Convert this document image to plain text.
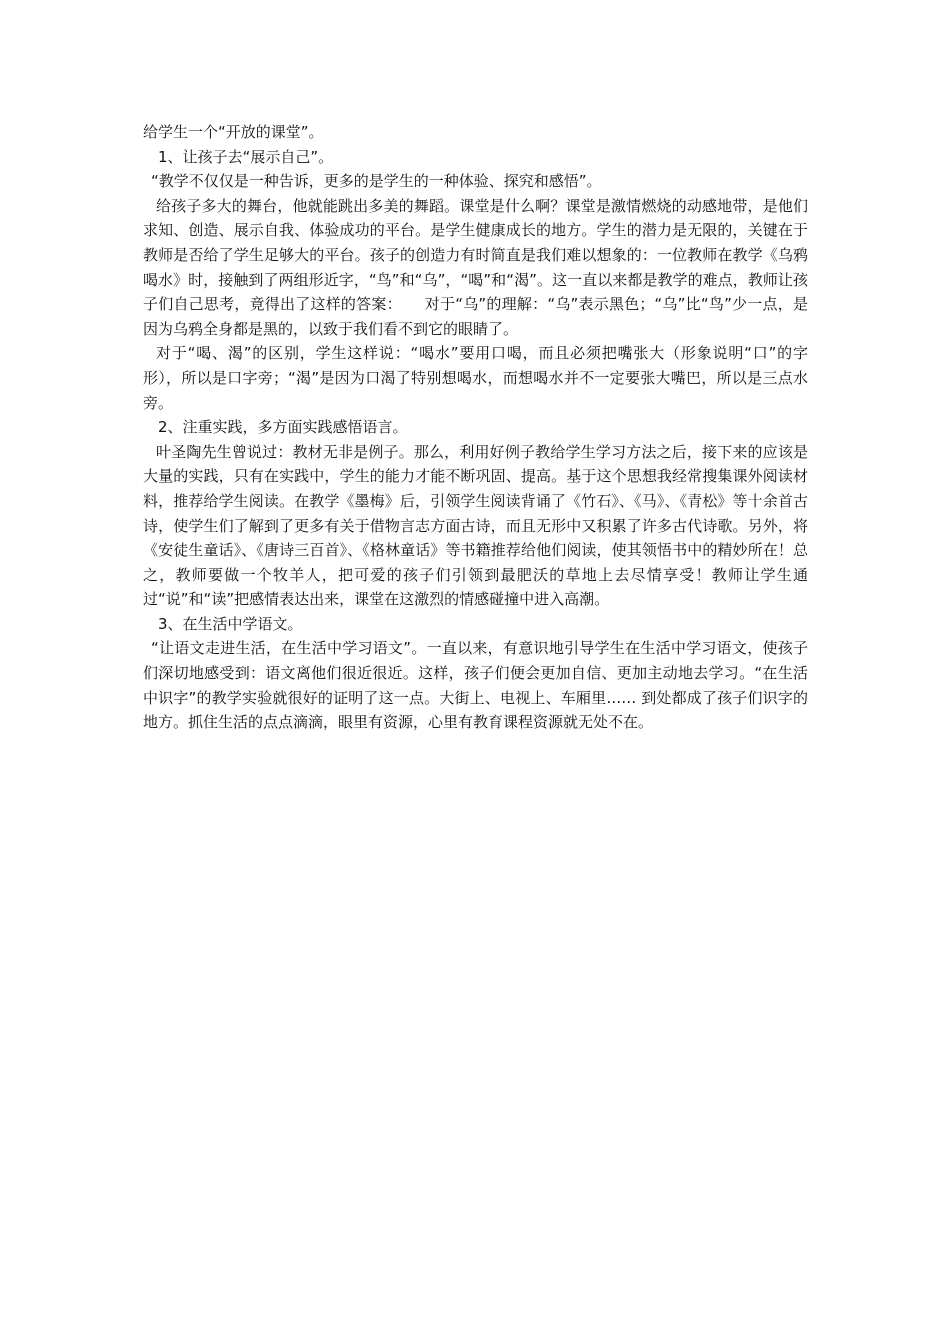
给学生一个“开放的课堂”。

1、让孩子去“展示自己”。

“教学不仅仅是一种告诉，更多的是学生的一种体验、探究和感悟”。

给孩子多大的舞台，他就能跳出多美的舞蹈。课堂是什么啊？课堂是激情燃烧的动感地带，是他们求知、创造、展示自我、体验成功的平台。是学生健康成长的地方。学生的潜力是无限的，关键在于教师是否给了学生足够大的平台。孩子的创造力有时简直是我们难以想象的：一位教师在教学《乌鸦喝水》时，接触到了两组形近字，“鸟”和“乌”，“喝”和“渴”。这一直以来都是教学的难点，教师让孩子们自己思考，竟得出了这样的答案：　　对于“乌”的理解：“乌”表示黑色；“乌”比“鸟”少一点，是因为乌鸦全身都是黑的，以致于我们看不到它的眼睛了。

对于“喝、渴”的区别，学生这样说：“喝水”要用口喝，而且必须把嘴张大（形象说明“口”的字形），所以是口字旁；“渴”是因为口渴了特别想喝水，而想喝水并不一定要张大嘴巴，所以是三点水旁。

2、注重实践，多方面实践感悟语言。

叶圣陶先生曾说过：教材无非是例子。那么，利用好例子教给学生学习方法之后，接下来的应该是大量的实践，只有在实践中，学生的能力才能不断巩固、提高。基于这个思想我经常搜集课外阅读材料，推荐给学生阅读。在教学《墨梅》后，引领学生阅读背诵了《竹石》、《马》、《青松》等十余首古诗，使学生们了解到了更多有关于借物言志方面古诗，而且无形中又积累了许多古代诗歌。另外，将《安徒生童话》、《唐诗三百首》、《格林童话》等书籍推荐给他们阅读，使其领悟书中的精妙所在！总之，教师要做一个牧羊人，把可爱的孩子们引领到最肥沃的草地上去尽情享受！教师让学生通过“说”和“读”把感情表达出来，课堂在这激烈的情感碰撞中进入高潮。

3、在生活中学语文。

“让语文走进生活，在生活中学习语文”。一直以来，有意识地引导学生在生活中学习语文，使孩子们深切地感受到：语文离他们很近很近。这样，孩子们便会更加自信、更加主动地去学习。“在生活中识字”的教学实验就很好的证明了这一点。大街上、电视上、车厢里…… 到处都成了孩子们识字的地方。抓住生活的点点滴滴，眼里有资源，心里有教育课程资源就无处不在。
